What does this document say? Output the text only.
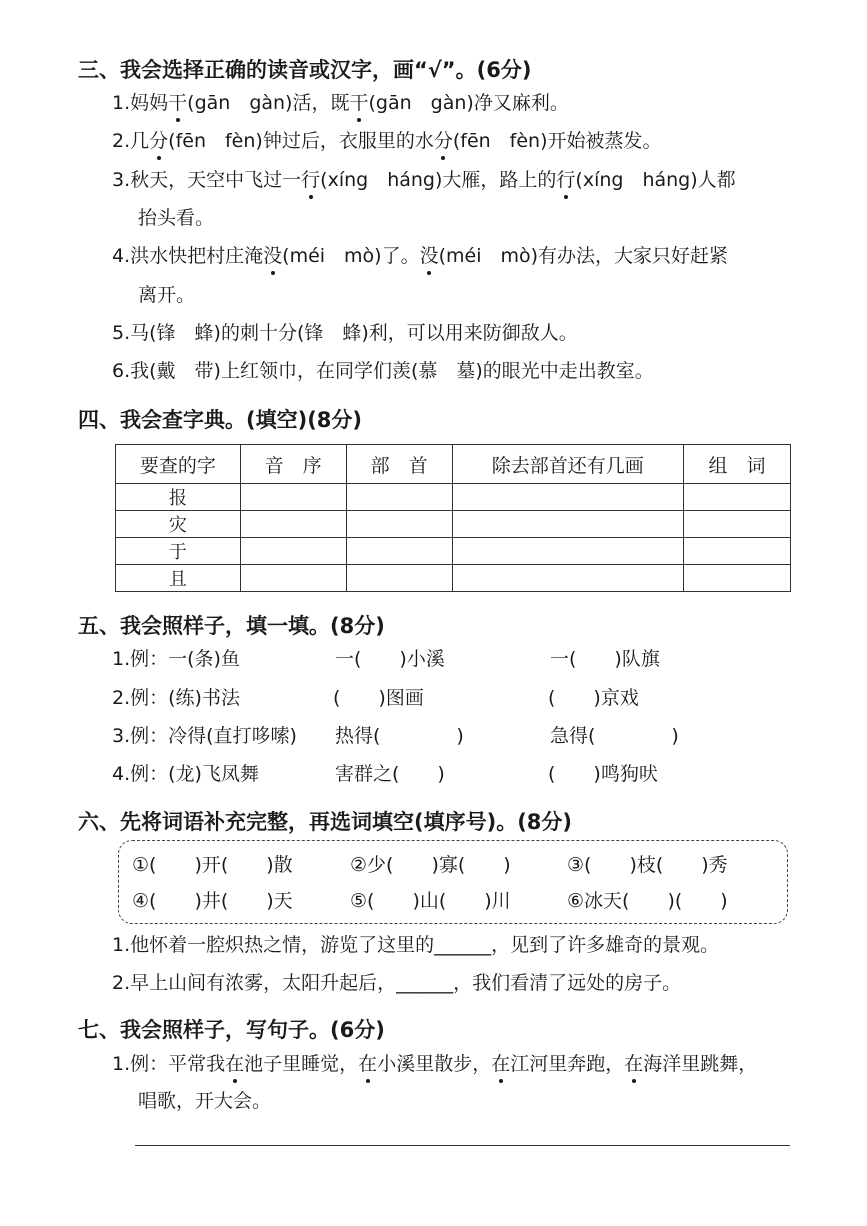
三、我会选择正确的读音或汉字，画“√”。(6分)
1.妈妈干(gān　gàn)活，既干(gān　gàn)净又麻利。
2.几分(fēn　fèn)钟过后，衣服里的水分(fēn　fèn)开始被蒸发。
3.秋天，天空中飞过一行(xíng　háng)大雁，路上的行(xíng　háng)人都
抬头看。
4.洪水快把村庄淹没(méi　mò)了。没(méi　mò)有办法，大家只好赶紧
离开。
5.马(锋　蜂)的刺十分(锋　蜂)利，可以用来防御敌人。
6.我(戴　带)上红领巾，在同学们羡(慕　墓)的眼光中走出教室。
四、我会查字典。(填空)(8分)
要查的字	音　序	部　首	除去部首还有几画	组　词
报				
灾				
于				
且				
五、我会照样子，填一填。(8分)
1.例：一(条)鱼	一(　　)小溪	一(　　)队旗
2.例：(练)书法	(　　)图画	(　　)京戏
3.例：冷得(直打哆嗦) 热得(　　　　)	急得(　　　　)
4.例：(龙)飞凤舞	害群之(　　)	(　　)鸣狗吠
六、先将词语补充完整，再选词填空(填序号)。(8分)
①(　　)开(　　)散	②少(　　)寡(　　)	③(　　)枝(　　)秀
④(　　)井(　　)天	⑤(　　)山(　　)川	⑥冰天(　　)(　　)
1.他怀着一腔炽热之情，游览了这里的______，见到了许多雄奇的景观。
2.早上山间有浓雾，太阳升起后，______，我们看清了远处的房子。
七、我会照样子，写句子。(6分)
1.例：平常我在池子里睡觉，在小溪里散步，在江河里奔跑，在海洋里跳舞，
唱歌，开大会。
